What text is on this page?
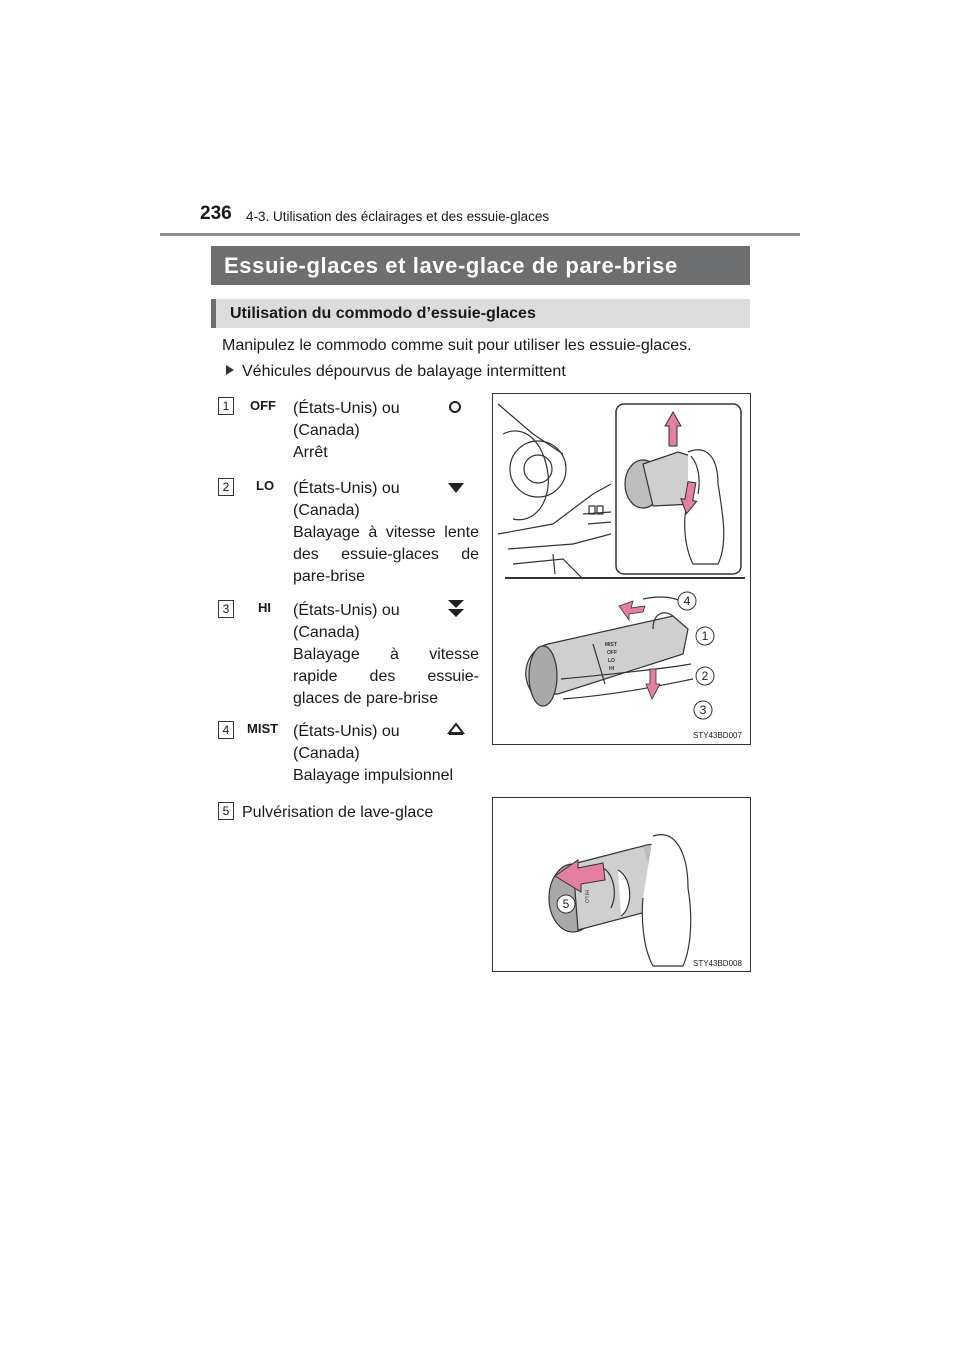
236 4-3. Utilisation des éclairages et des essuie-glaces
Essuie-glaces et lave-glace de pare-brise
Utilisation du commodo d’essuie-glaces
Manipulez le commodo comme suit pour utiliser les essuie-glaces.
Véhicules dépourvus de balayage intermittent
1	OFF (États-Unis) ou
(Canada)
Arrêt
2	LO (États-Unis) ou
(Canada)
Balayage à vitesse lente
des essuie-glaces de
pare-brise
3	HI (États-Unis) ou
(Canada)
Balayage à vitesse
rapide des essuie-
glaces de pare-brise
4	MIST (États-Unis) ou
(Canada)
Balayage impulsionnel
5 Pulvérisation de lave-glace
MIST
OFF
LO
HI
4
1
2
3
STY43BD007
HI LO
5
STY43BD008
